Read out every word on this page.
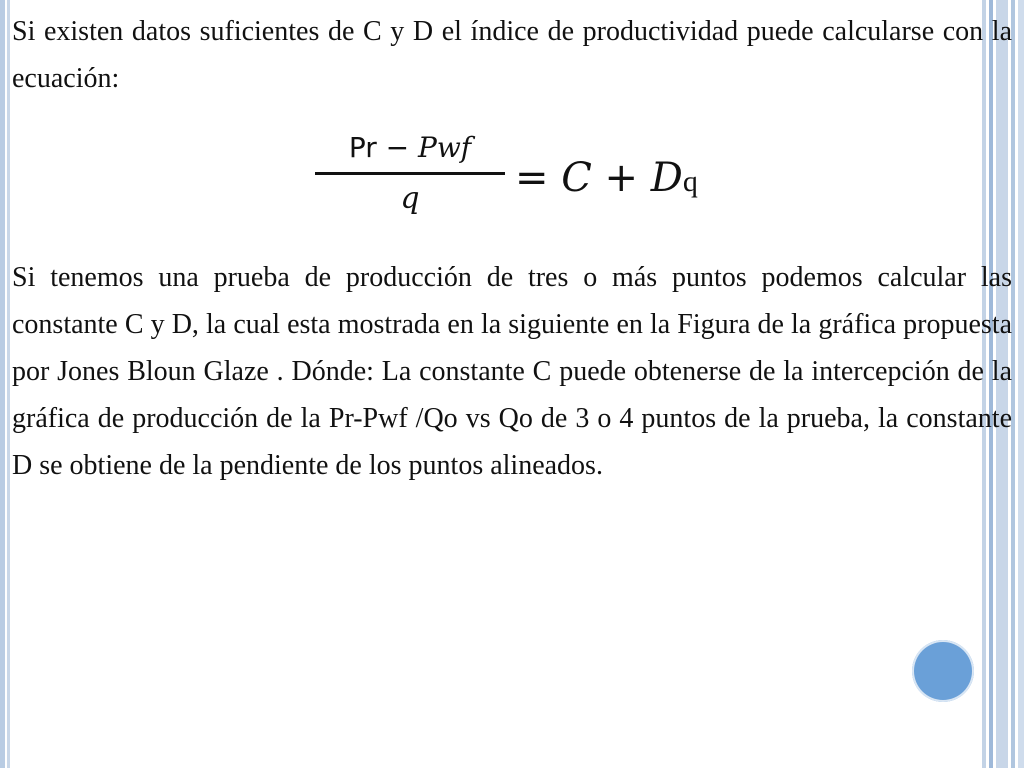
Si existen datos suficientes de C y D el índice de productividad puede calcularse con la ecuación:

Pr − Pwf
q	= C + Dq

Si tenemos una prueba de producción de tres o más puntos podemos calcular las constante C y D, la cual esta mostrada en la siguiente en la Figura de la gráfica propuesta por Jones Bloun Glaze . Dónde: La constante C puede obtenerse de la intercepción de la gráfica de producción de la Pr-Pwf /Qo vs Qo de 3 o 4 puntos de la prueba, la constante D se obtiene de la pendiente de los puntos alineados.
